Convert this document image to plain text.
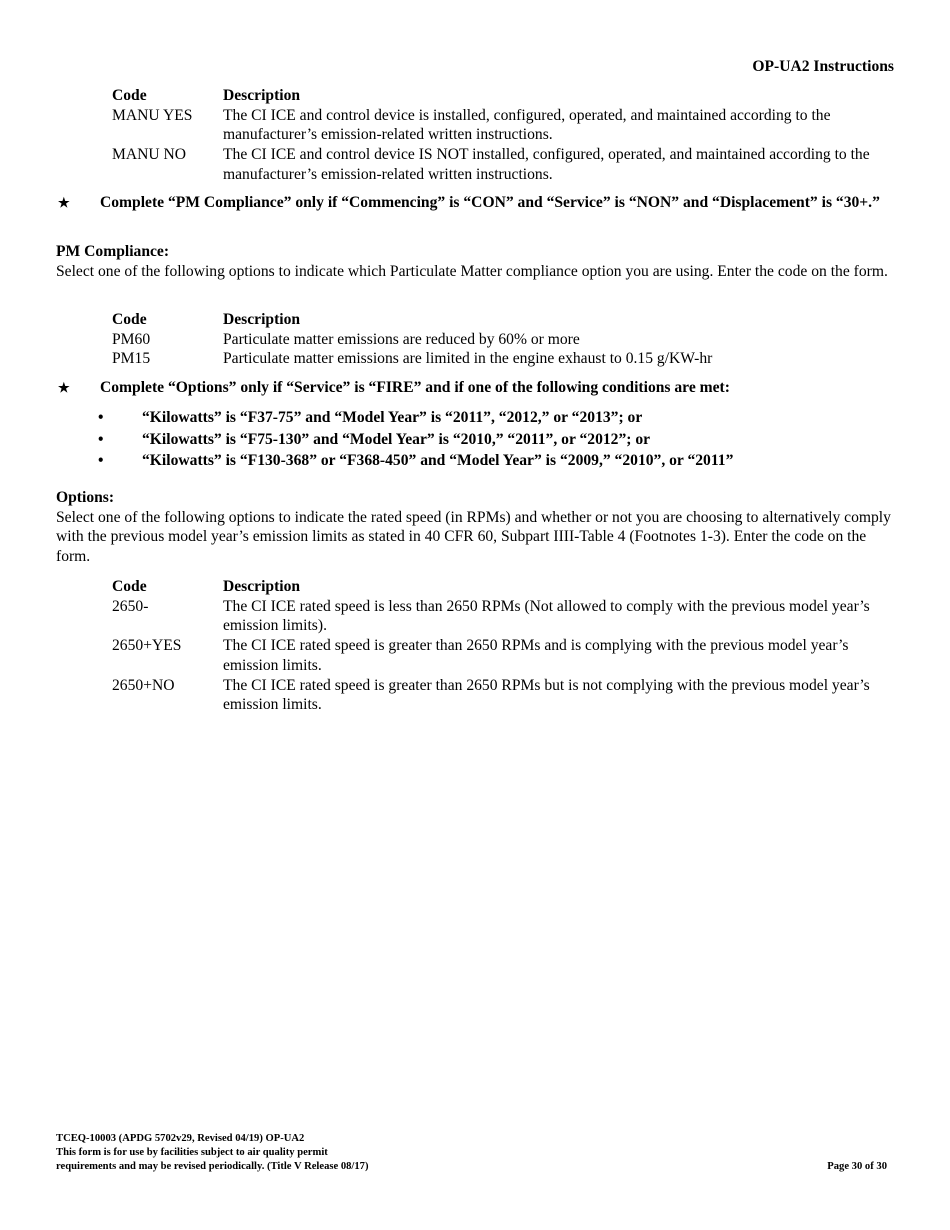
OP-UA2 Instructions
Code	Description
MANU YES	The CI ICE and control device is installed, configured, operated, and maintained according to the manufacturer’s emission-related written instructions.
MANU NO	The CI ICE and control device IS NOT installed, configured, operated, and maintained according to the manufacturer’s emission-related written instructions.
★	Complete “PM Compliance” only if “Commencing” is “CON” and “Service” is “NON” and “Displacement” is “30+.”
PM Compliance:
Select one of the following options to indicate which Particulate Matter compliance option you are using. Enter the code on the form.
Code	Description
PM60	Particulate matter emissions are reduced by 60% or more
PM15	Particulate matter emissions are limited in the engine exhaust to 0.15 g/KW-hr
★	Complete “Options” only if “Service” is “FIRE” and if one of the following conditions are met:
•	“Kilowatts” is “F37-75” and “Model Year” is “2011”, “2012,” or “2013”; or
•	“Kilowatts” is “F75-130” and “Model Year” is “2010,” “2011”, or “2012”; or
•	“Kilowatts” is “F130-368” or “F368-450” and “Model Year” is “2009,” “2010”, or “2011”
Options:
Select one of the following options to indicate the rated speed (in RPMs) and whether or not you are choosing to alternatively comply with the previous model year’s emission limits as stated in 40 CFR 60, Subpart IIII-Table 4 (Footnotes 1-3). Enter the code on the form.
Code	Description
2650-	The CI ICE rated speed is less than 2650 RPMs (Not allowed to comply with the previous model year’s emission limits).
2650+YES	The CI ICE rated speed is greater than 2650 RPMs and is complying with the previous model year’s emission limits.
2650+NO	The CI ICE rated speed is greater than 2650 RPMs but is not complying with the previous model year’s emission limits.
TCEQ-10003 (APDG 5702v29, Revised 04/19) OP-UA2
This form is for use by facilities subject to air quality permit
requirements and may be revised periodically. (Title V Release 08/17)	Page 30 of 30
